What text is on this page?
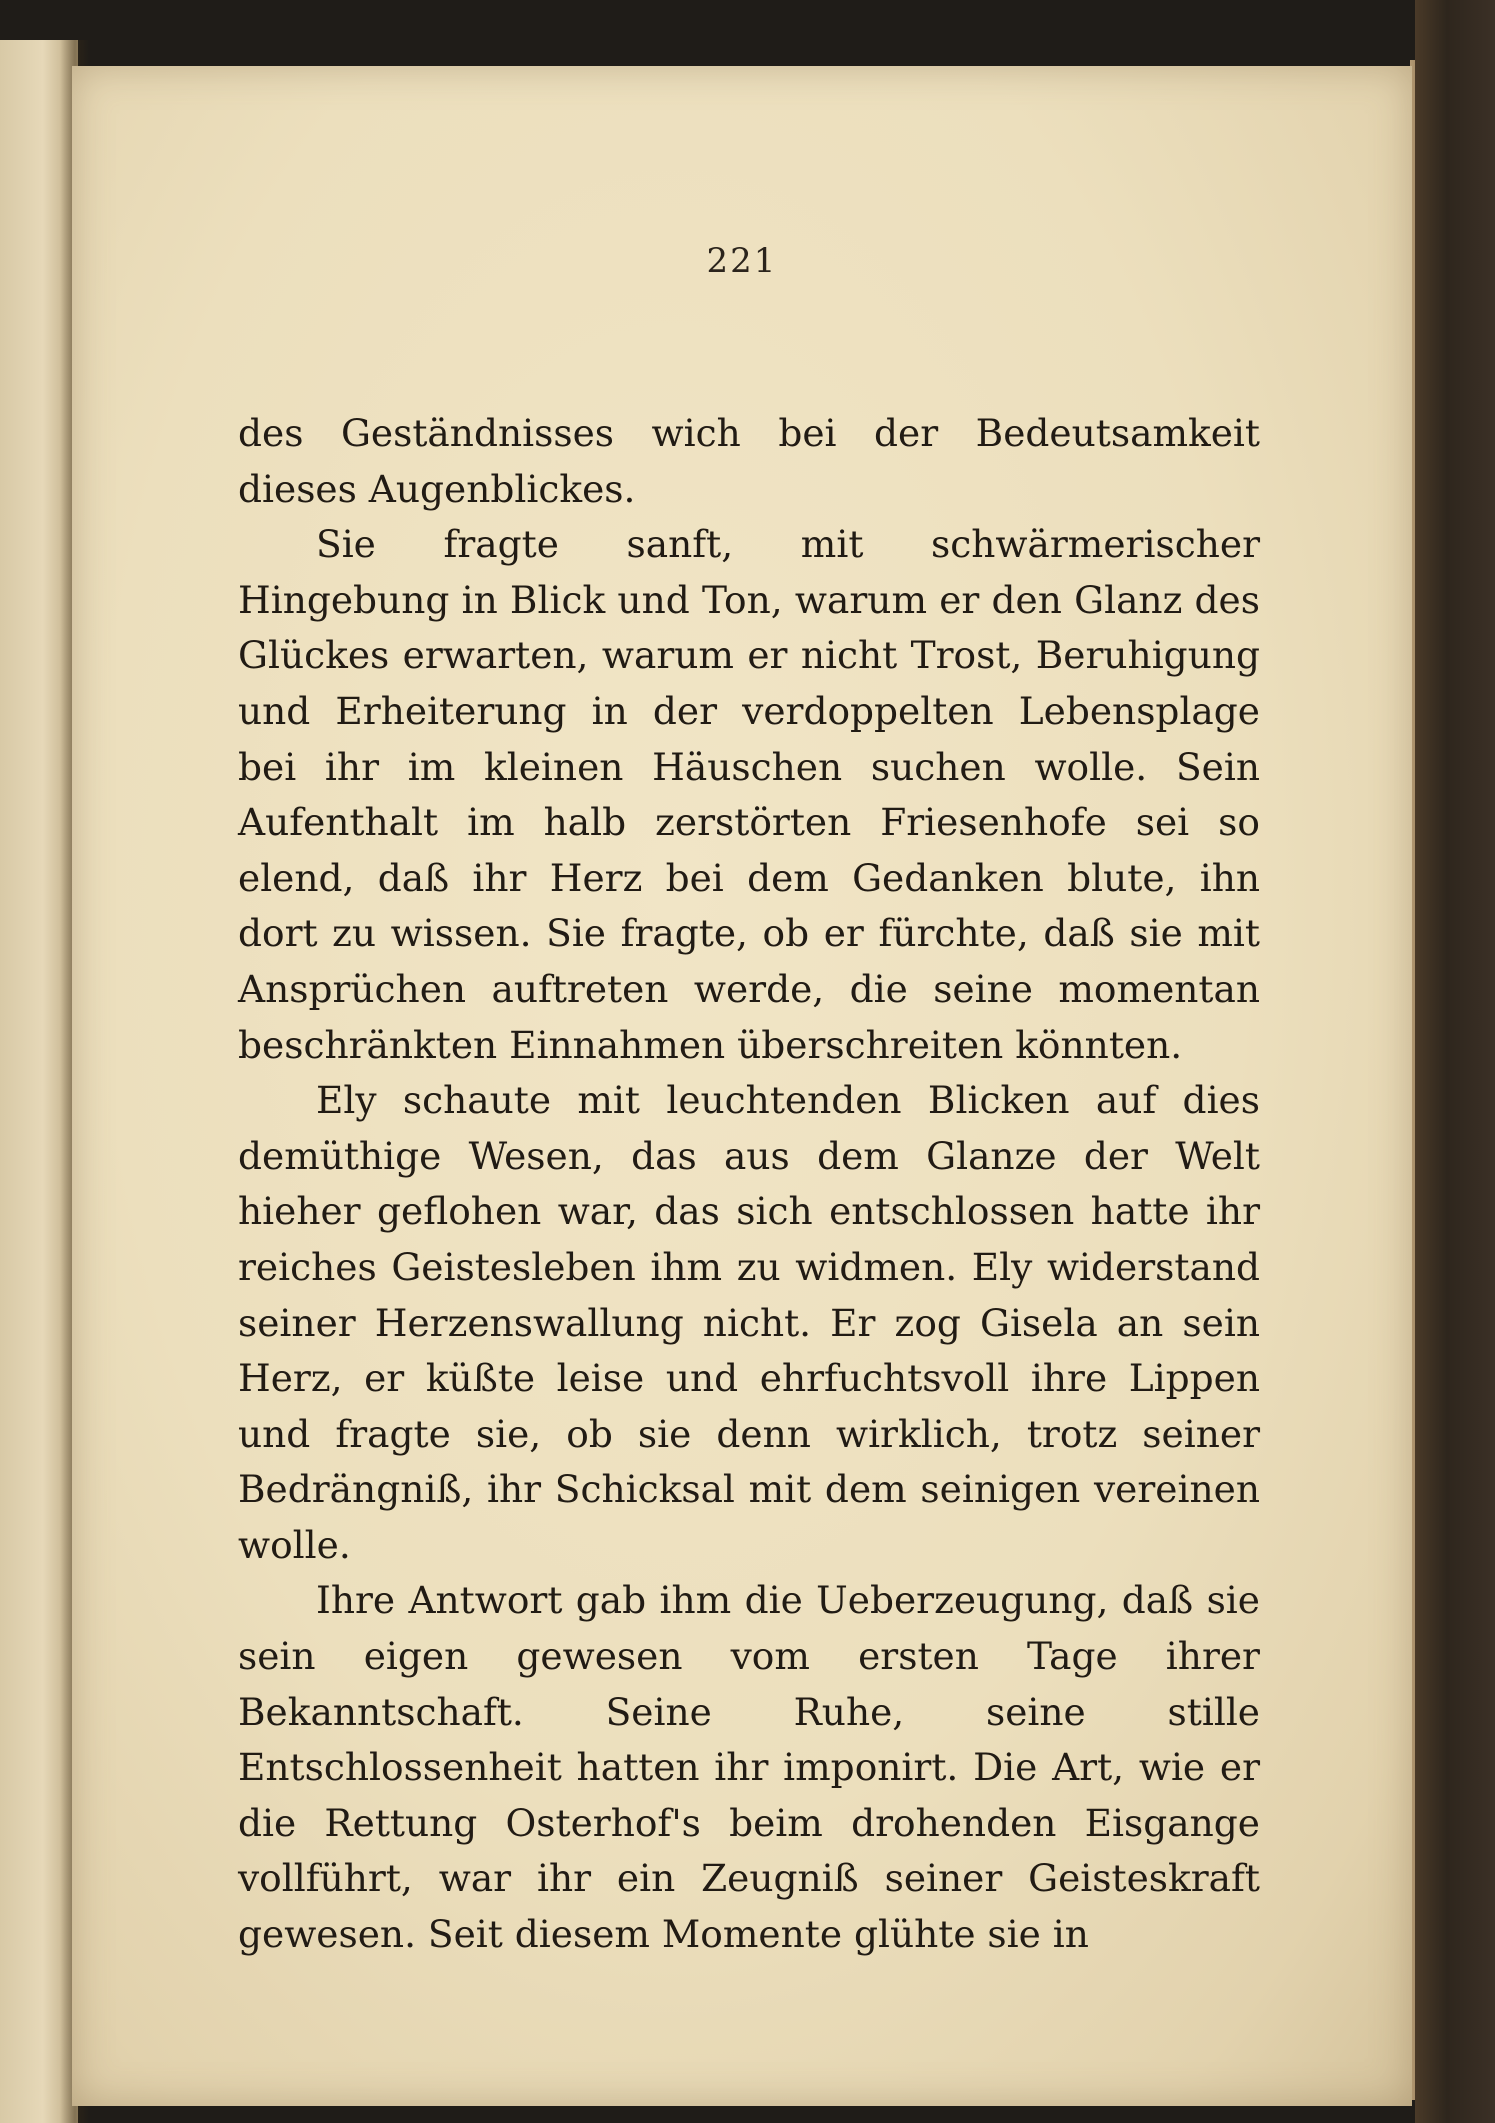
221

des Geständnisses wich bei der Bedeutsamkeit dieses Augenblickes.

Sie fragte sanft, mit schwärmerischer Hingebung in Blick und Ton, warum er den Glanz des Glückes erwarten, warum er nicht Trost, Beruhigung und Erheiterung in der verdoppelten Lebensplage bei ihr im kleinen Häuschen suchen wolle. Sein Aufenthalt im halb zerstörten Friesenhofe sei so elend, daß ihr Herz bei dem Gedanken blute, ihn dort zu wissen. Sie fragte, ob er fürchte, daß sie mit Ansprüchen auftreten werde, die seine momentan beschränkten Einnahmen überschreiten könnten.

Ely schaute mit leuchtenden Blicken auf dies demüthige Wesen, das aus dem Glanze der Welt hieher geflohen war, das sich entschlossen hatte ihr reiches Geistesleben ihm zu widmen. Ely widerstand seiner Herzenswallung nicht. Er zog Gisela an sein Herz, er küßte leise und ehrfuchtsvoll ihre Lippen und fragte sie, ob sie denn wirklich, trotz seiner Bedrängniß, ihr Schicksal mit dem seinigen vereinen wolle.

Ihre Antwort gab ihm die Ueberzeugung, daß sie sein eigen gewesen vom ersten Tage ihrer Bekanntschaft. Seine Ruhe, seine stille Entschlossenheit hatten ihr imponirt. Die Art, wie er die Rettung Osterhof's beim drohenden Eisgange vollführt, war ihr ein Zeugniß seiner Geisteskraft gewesen. Seit diesem Momente glühte sie in
